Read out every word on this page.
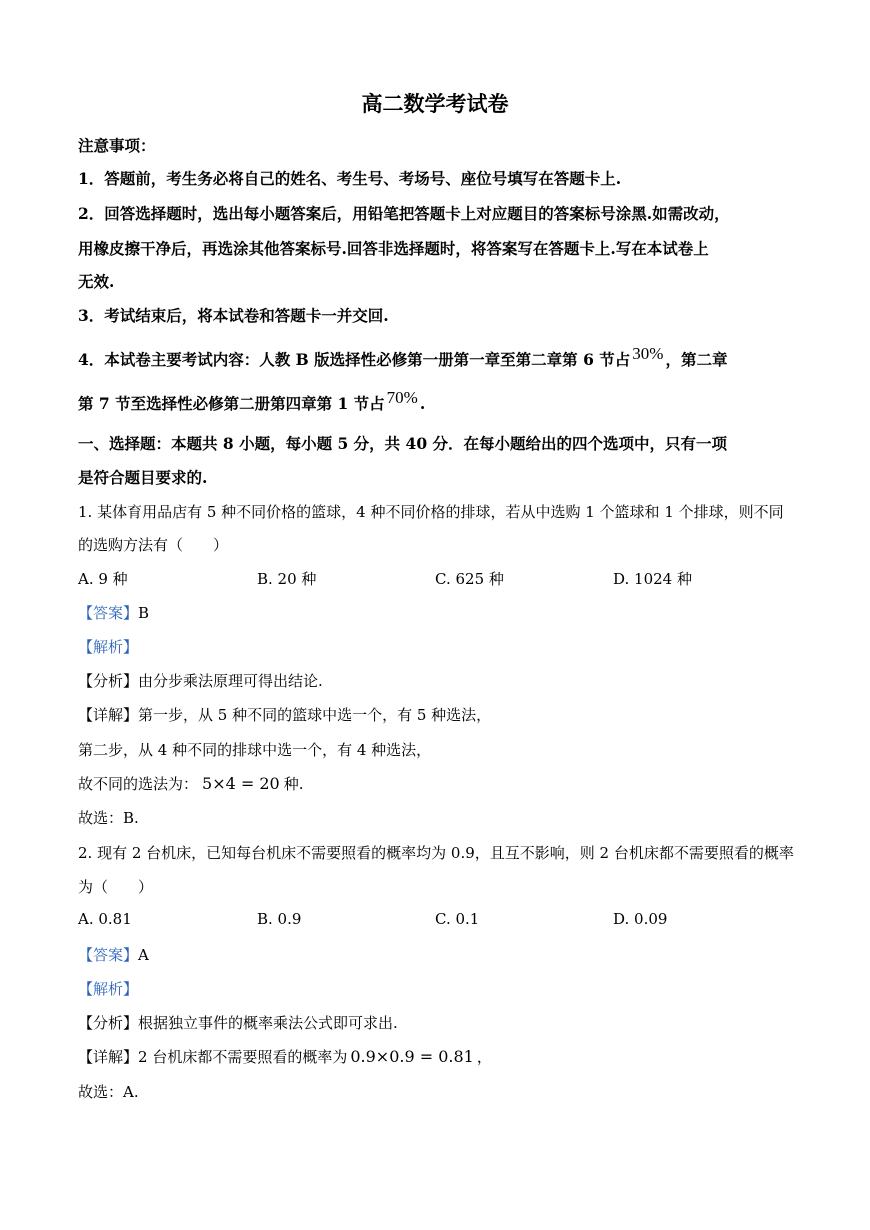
高二数学考试卷
注意事项：
1．答题前，考生务必将自己的姓名、考生号、考场号、座位号填写在答题卡上.
2．回答选择题时，选出每小题答案后，用铅笔把答题卡上对应题目的答案标号涂黑.如需改动，
用橡皮擦干净后，再选涂其他答案标号.回答非选择题时，将答案写在答题卡上.写在本试卷上
无效.
3．考试结束后，将本试卷和答题卡一并交回.
4．本试卷主要考试内容：人教 B 版选择性必修第一册第一章至第二章第 6 节占 30% ，第二章
第 7 节至选择性必修第二册第四章第 1 节占 70% .
一、选择题：本题共 8 小题，每小题 5 分，共 40 分．在每小题给出的四个选项中，只有一项
是符合题目要求的.
1. 某体育用品店有 5 种不同价格的篮球，4 种不同价格的排球，若从中选购 1 个篮球和 1 个排球，则不同
的选购方法有（　　）
A. 9 种	B. 20 种	C. 625 种	D. 1024 种
【答案】B
【解析】
【分析】由分步乘法原理可得出结论.
【详解】第一步，从 5 种不同的篮球中选一个，有 5 种选法，
第二步，从 4 种不同的排球中选一个，有 4 种选法，
故不同的选法为： 5×4 = 20 种.
故选：B.
2. 现有 2 台机床，已知每台机床不需要照看的概率均为 0.9，且互不影响，则 2 台机床都不需要照看的概率
为（　　）
A. 0.81	B. 0.9	C. 0.1	D. 0.09
【答案】A
【解析】
【分析】根据独立事件的概率乘法公式即可求出.
【详解】2 台机床都不需要照看的概率为 0.9×0.9 = 0.81 ，
故选：A.
